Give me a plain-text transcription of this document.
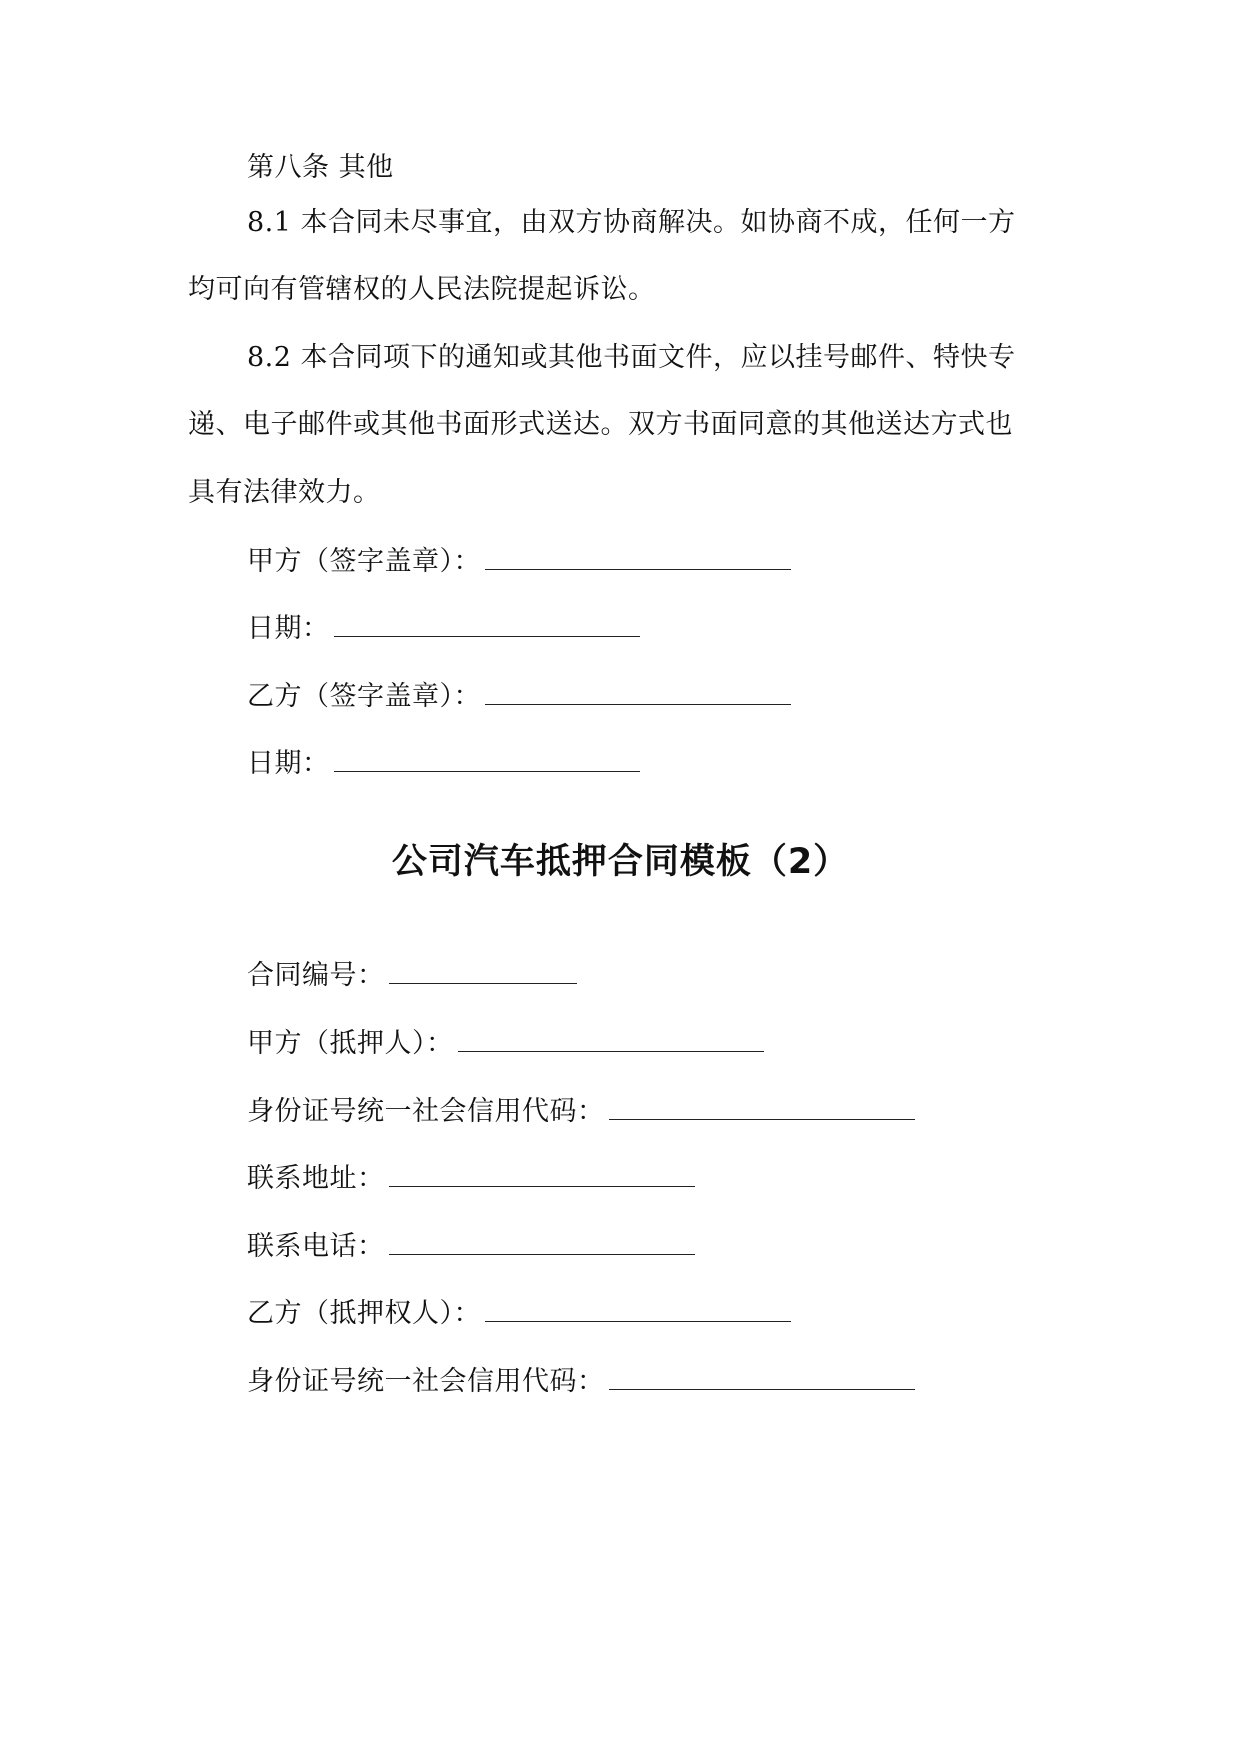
第八条 其他
8.1 本合同未尽事宜，由双方协商解决。如协商不成，任何一方
均可向有管辖权的人民法院提起诉讼。
8.2 本合同项下的通知或其他书面文件，应以挂号邮件、特快专
递、电子邮件或其他书面形式送达。双方书面同意的其他送达方式也
具有法律效力。
甲方（签字盖章）：
日期：
乙方（签字盖章）：
日期：
公司汽车抵押合同模板（2）
合同编号：
甲方（抵押人）：
身份证号统一社会信用代码：
联系地址：
联系电话：
乙方（抵押权人）：
身份证号统一社会信用代码：
